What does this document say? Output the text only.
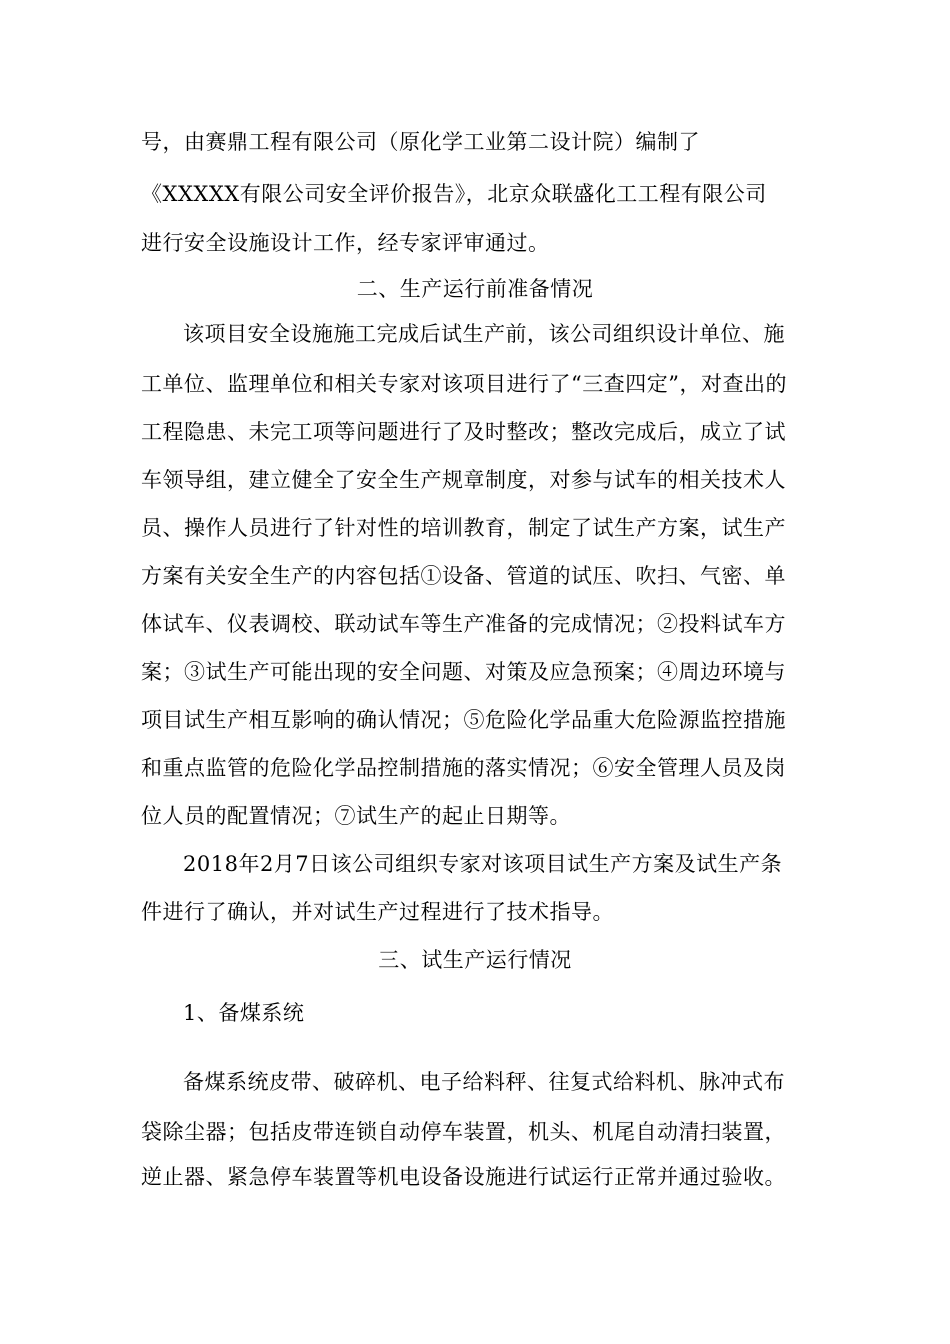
号，由赛鼎工程有限公司（原化学工业第二设计院）编制了
《XXXXX有限公司安全评价报告》，北京众联盛化工工程有限公司
进行安全设施设计工作，经专家评审通过。
二、生产运行前准备情况
该项目安全设施施工完成后试生产前，该公司组织设计单位、施
工单位、监理单位和相关专家对该项目进行了“三查四定”，对查出的
工程隐患、未完工项等问题进行了及时整改；整改完成后，成立了试
车领导组，建立健全了安全生产规章制度，对参与试车的相关技术人
员、操作人员进行了针对性的培训教育，制定了试生产方案，试生产
方案有关安全生产的内容包括①设备、管道的试压、吹扫、气密、单
体试车、仪表调校、联动试车等生产准备的完成情况；②投料试车方
案；③试生产可能出现的安全问题、对策及应急预案；④周边环境与
项目试生产相互影响的确认情况；⑤危险化学品重大危险源监控措施
和重点监管的危险化学品控制措施的落实情况；⑥安全管理人员及岗
位人员的配置情况；⑦试生产的起止日期等。
2018年2月7日该公司组织专家对该项目试生产方案及试生产条
件进行了确认，并对试生产过程进行了技术指导。
三、试生产运行情况
1、备煤系统
备煤系统皮带、破碎机、电子给料秤、往复式给料机、脉冲式布
袋除尘器；包括皮带连锁自动停车装置，机头、机尾自动清扫装置，
逆止器、紧急停车装置等机电设备设施进行试运行正常并通过验收。
